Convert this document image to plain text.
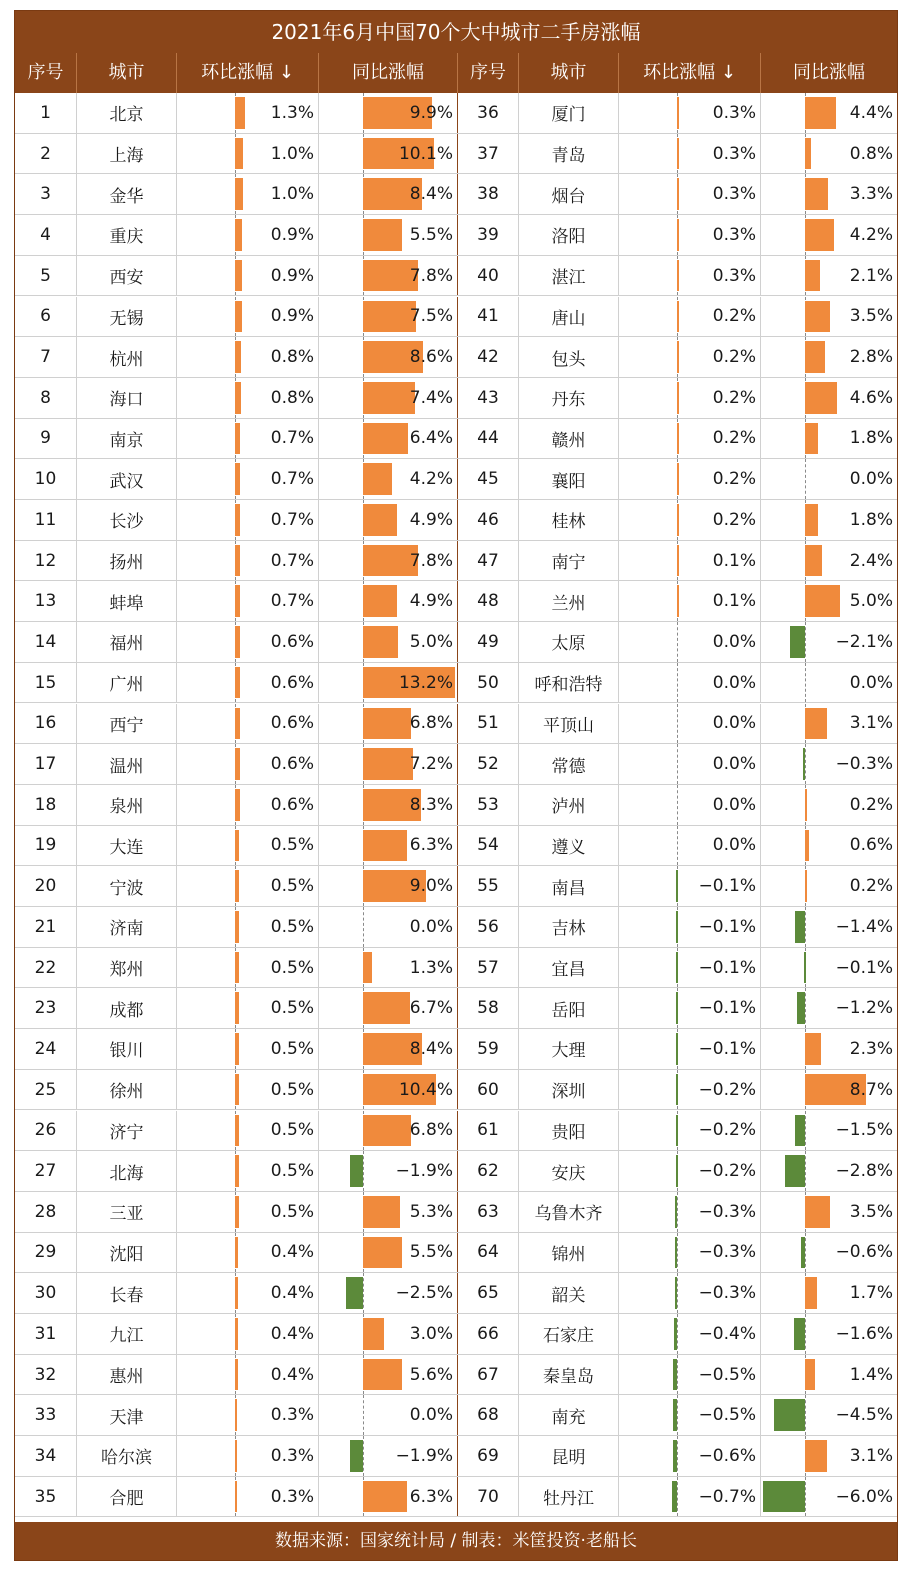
2021年6月中国70个大中城市二手房涨幅
序号	城市	环比涨幅 ↓	同比涨幅	序号	城市	环比涨幅 ↓	同比涨幅
1	北京	1.3%	9.9%	36	厦门	0.3%	4.4%
2	上海	1.0%	10.1%	37	青岛	0.3%	0.8%
3	金华	1.0%	8.4%	38	烟台	0.3%	3.3%
4	重庆	0.9%	5.5%	39	洛阳	0.3%	4.2%
5	西安	0.9%	7.8%	40	湛江	0.3%	2.1%
6	无锡	0.9%	7.5%	41	唐山	0.2%	3.5%
7	杭州	0.8%	8.6%	42	包头	0.2%	2.8%
8	海口	0.8%	7.4%	43	丹东	0.2%	4.6%
9	南京	0.7%	6.4%	44	赣州	0.2%	1.8%
10	武汉	0.7%	4.2%	45	襄阳	0.2%	0.0%
11	长沙	0.7%	4.9%	46	桂林	0.2%	1.8%
12	扬州	0.7%	7.8%	47	南宁	0.1%	2.4%
13	蚌埠	0.7%	4.9%	48	兰州	0.1%	5.0%
14	福州	0.6%	5.0%	49	太原	0.0%	−2.1%
15	广州	0.6%	13.2%	50	呼和浩特	0.0%	0.0%
16	西宁	0.6%	6.8%	51	平顶山	0.0%	3.1%
17	温州	0.6%	7.2%	52	常德	0.0%	−0.3%
18	泉州	0.6%	8.3%	53	泸州	0.0%	0.2%
19	大连	0.5%	6.3%	54	遵义	0.0%	0.6%
20	宁波	0.5%	9.0%	55	南昌	−0.1%	0.2%
21	济南	0.5%	0.0%	56	吉林	−0.1%	−1.4%
22	郑州	0.5%	1.3%	57	宜昌	−0.1%	−0.1%
23	成都	0.5%	6.7%	58	岳阳	−0.1%	−1.2%
24	银川	0.5%	8.4%	59	大理	−0.1%	2.3%
25	徐州	0.5%	10.4%	60	深圳	−0.2%	8.7%
26	济宁	0.5%	6.8%	61	贵阳	−0.2%	−1.5%
27	北海	0.5%	−1.9%	62	安庆	−0.2%	−2.8%
28	三亚	0.5%	5.3%	63	乌鲁木齐	−0.3%	3.5%
29	沈阳	0.4%	5.5%	64	锦州	−0.3%	−0.6%
30	长春	0.4%	−2.5%	65	韶关	−0.3%	1.7%
31	九江	0.4%	3.0%	66	石家庄	−0.4%	−1.6%
32	惠州	0.4%	5.6%	67	秦皇岛	−0.5%	1.4%
33	天津	0.3%	0.0%	68	南充	−0.5%	−4.5%
34	哈尔滨	0.3%	−1.9%	69	昆明	−0.6%	3.1%
35	合肥	0.3%	6.3%	70	牡丹江	−0.7%	−6.0%
数据来源：国家统计局 / 制表：米筐投资·老船长
